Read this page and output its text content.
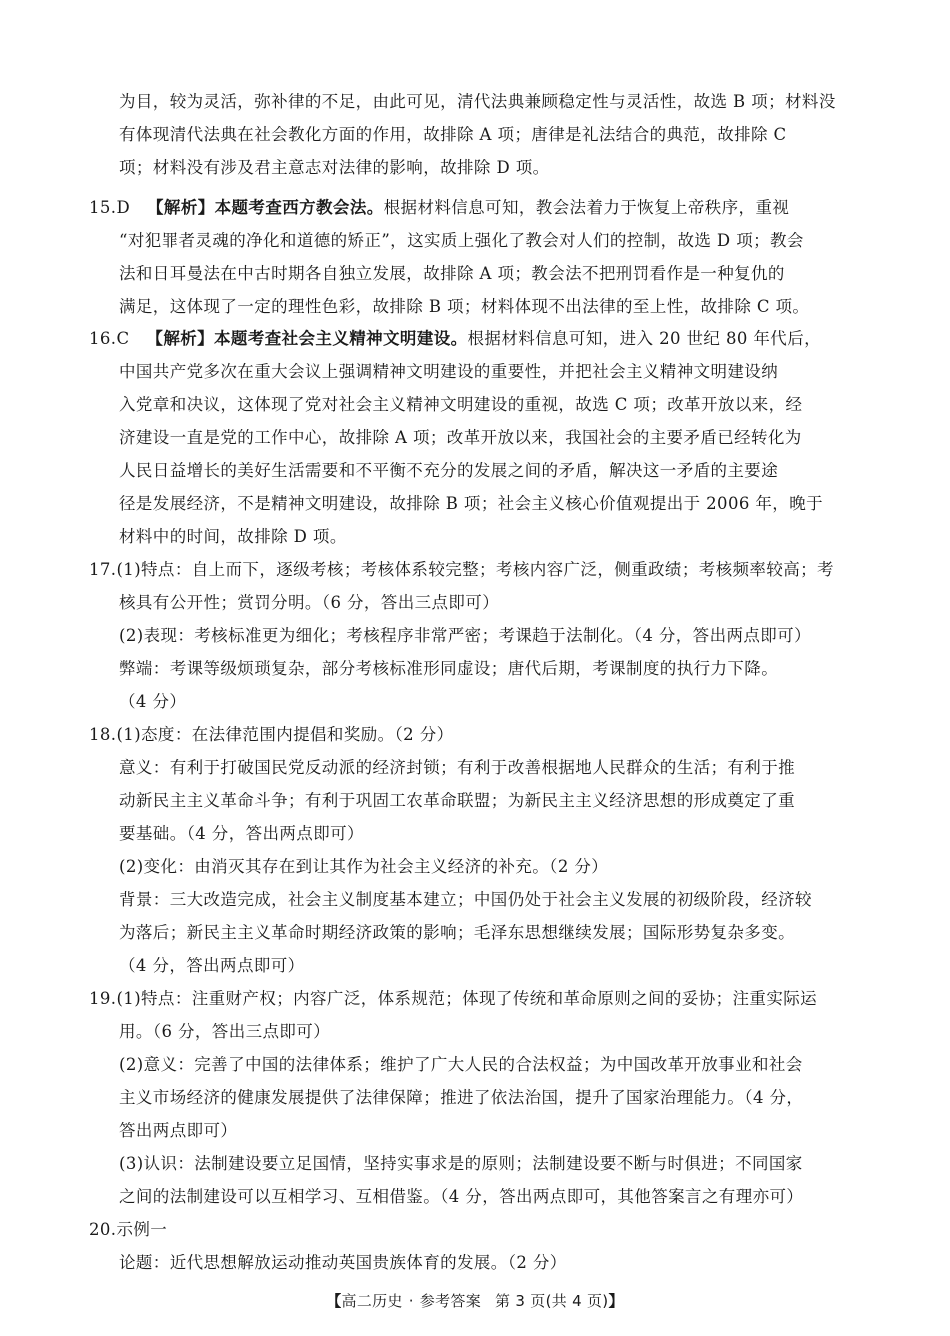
为目，较为灵活，弥补律的不足，由此可见，清代法典兼顾稳定性与灵活性，故选 B 项；材料没
有体现清代法典在社会教化方面的作用，故排除 A 项；唐律是礼法结合的典范，故排除 C
项；材料没有涉及君主意志对法律的影响，故排除 D 项。
15.D 【解析】本题考查西方教会法。根据材料信息可知，教会法着力于恢复上帝秩序，重视
“对犯罪者灵魂的净化和道德的矫正”，这实质上强化了教会对人们的控制，故选 D 项；教会
法和日耳曼法在中古时期各自独立发展，故排除 A 项；教会法不把刑罚看作是一种复仇的
满足，这体现了一定的理性色彩，故排除 B 项；材料体现不出法律的至上性，故排除 C 项。
16.C 【解析】本题考查社会主义精神文明建设。根据材料信息可知，进入 20 世纪 80 年代后，
中国共产党多次在重大会议上强调精神文明建设的重要性，并把社会主义精神文明建设纳
入党章和决议，这体现了党对社会主义精神文明建设的重视，故选 C 项；改革开放以来，经
济建设一直是党的工作中心，故排除 A 项；改革开放以来，我国社会的主要矛盾已经转化为
人民日益增长的美好生活需要和不平衡不充分的发展之间的矛盾，解决这一矛盾的主要途
径是发展经济，不是精神文明建设，故排除 B 项；社会主义核心价值观提出于 2006 年，晚于
材料中的时间，故排除 D 项。
17.(1)特点：自上而下，逐级考核；考核体系较完整；考核内容广泛，侧重政绩；考核频率较高；考
核具有公开性；赏罚分明。（6 分，答出三点即可）
(2)表现：考核标准更为细化；考核程序非常严密；考课趋于法制化。（4 分，答出两点即可）
弊端：考课等级烦琐复杂，部分考核标准形同虚设；唐代后期，考课制度的执行力下降。
（4 分）
18.(1)态度：在法律范围内提倡和奖励。（2 分）
意义：有利于打破国民党反动派的经济封锁；有利于改善根据地人民群众的生活；有利于推
动新民主主义革命斗争；有利于巩固工农革命联盟；为新民主主义经济思想的形成奠定了重
要基础。（4 分，答出两点即可）
(2)变化：由消灭其存在到让其作为社会主义经济的补充。（2 分）
背景：三大改造完成，社会主义制度基本建立；中国仍处于社会主义发展的初级阶段，经济较
为落后；新民主主义革命时期经济政策的影响；毛泽东思想继续发展；国际形势复杂多变。
（4 分，答出两点即可）
19.(1)特点：注重财产权；内容广泛，体系规范；体现了传统和革命原则之间的妥协；注重实际运
用。（6 分，答出三点即可）
(2)意义：完善了中国的法律体系；维护了广大人民的合法权益；为中国改革开放事业和社会
主义市场经济的健康发展提供了法律保障；推进了依法治国，提升了国家治理能力。（4 分，
答出两点即可）
(3)认识：法制建设要立足国情，坚持实事求是的原则；法制建设要不断与时俱进；不同国家
之间的法制建设可以互相学习、互相借鉴。（4 分，答出两点即可，其他答案言之有理亦可）
20.示例一
论题：近代思想解放运动推动英国贵族体育的发展。（2 分）
【高二历史 · 参考答案 第 3 页(共 4 页)】
